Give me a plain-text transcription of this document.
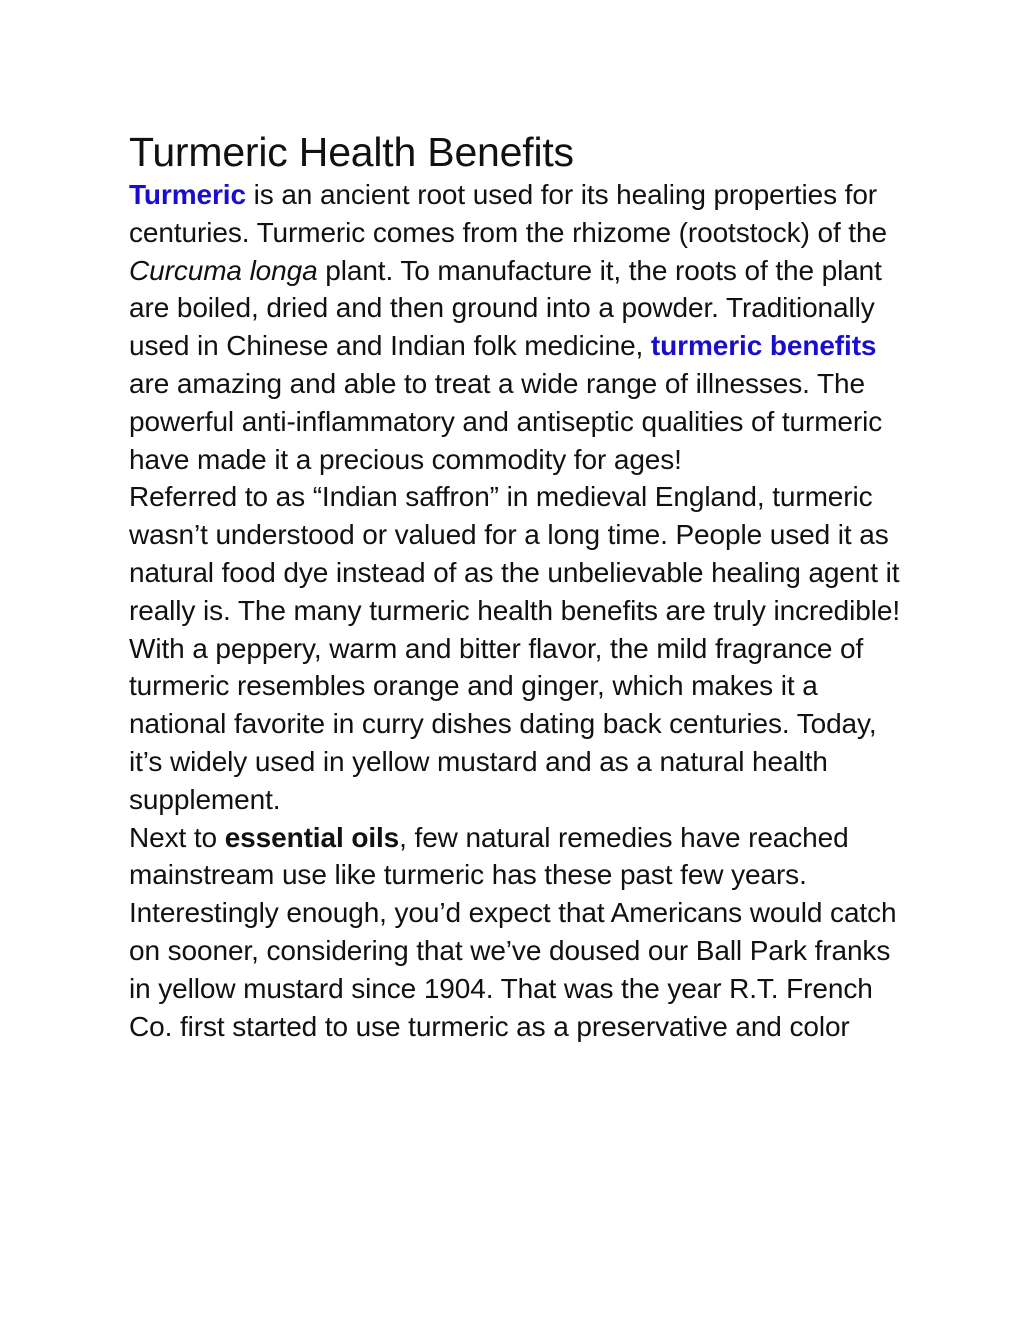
Turmeric Health Benefits

Turmeric is an ancient root used for its healing properties for centuries. Turmeric comes from the rhizome (rootstock) of the Curcuma longa plant. To manufacture it, the roots of the plant are boiled, dried and then ground into a powder. Traditionally used in Chinese and Indian folk medicine, turmeric benefits are amazing and able to treat a wide range of illnesses. The powerful anti-inflammatory and antiseptic qualities of turmeric have made it a precious commodity for ages!

Referred to as “Indian saffron” in medieval England, turmeric wasn’t understood or valued for a long time. People used it as natural food dye instead of as the unbelievable healing agent it really is. The many turmeric health benefits are truly incredible!

With a peppery, warm and bitter flavor, the mild fragrance of turmeric resembles orange and ginger, which makes it a national favorite in curry dishes dating back centuries. Today, it’s widely used in yellow mustard and as a natural health supplement.

Next to essential oils, few natural remedies have reached mainstream use like turmeric has these past few years. Interestingly enough, you’d expect that Americans would catch on sooner, considering that we’ve doused our Ball Park franks in yellow mustard since 1904. That was the year R.T. French Co. first started to use turmeric as a preservative and color
